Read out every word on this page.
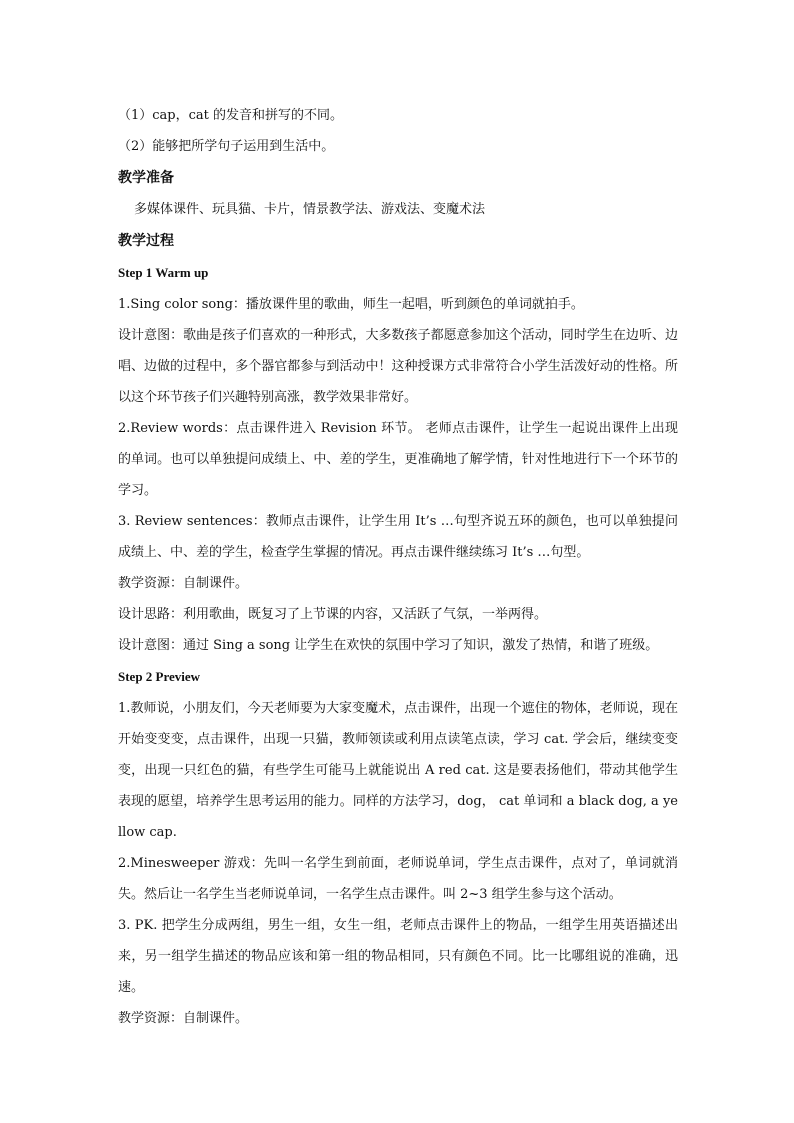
（1）cap，cat 的发音和拼写的不同。
（2）能够把所学句子运用到生活中。
教学准备
多媒体课件、玩具猫、卡片，情景教学法、游戏法、变魔术法
教学过程
Step 1 Warm up
1.Sing color song：播放课件里的歌曲，师生一起唱，听到颜色的单词就拍手。
设计意图：歌曲是孩子们喜欢的一种形式，大多数孩子都愿意参加这个活动，同时学生在边听、边唱、边做的过程中，多个器官都参与到活动中！这种授课方式非常符合小学生活泼好动的性格。所以这个环节孩子们兴趣特别高涨，教学效果非常好。
2.Review words：点击课件进入 Revision 环节。 老师点击课件，让学生一起说出课件上出现的单词。也可以单独提问成绩上、中、差的学生，更准确地了解学情，针对性地进行下一个环节的学习。
3. Review sentences：教师点击课件，让学生用 It’s …句型齐说五环的颜色，也可以单独提问成绩上、中、差的学生，检查学生掌握的情况。再点击课件继续练习 It’s …句型。
教学资源：自制课件。
设计思路：利用歌曲，既复习了上节课的内容，又活跃了气氛，一举两得。
设计意图：通过 Sing a song 让学生在欢快的氛围中学习了知识，激发了热情，和谐了班级。
Step 2 Preview
1.教师说，小朋友们，今天老师要为大家变魔术，点击课件，出现一个遮住的物体，老师说，现在开始变变变，点击课件，出现一只猫，教师领读或利用点读笔点读，学习 cat. 学会后，继续变变变，出现一只红色的猫，有些学生可能马上就能说出 A red cat. 这是要表扬他们，带动其他学生表现的愿望，培养学生思考运用的能力。同样的方法学习，dog， cat 单词和 a black dog, a yellow cap.
2.Minesweeper 游戏：先叫一名学生到前面，老师说单词，学生点击课件，点对了，单词就消失。然后让一名学生当老师说单词，一名学生点击课件。叫 2~3 组学生参与这个活动。
3. PK. 把学生分成两组，男生一组，女生一组，老师点击课件上的物品，一组学生用英语描述出来，另一组学生描述的物品应该和第一组的物品相同，只有颜色不同。比一比哪组说的准确，迅速。
教学资源：自制课件。
